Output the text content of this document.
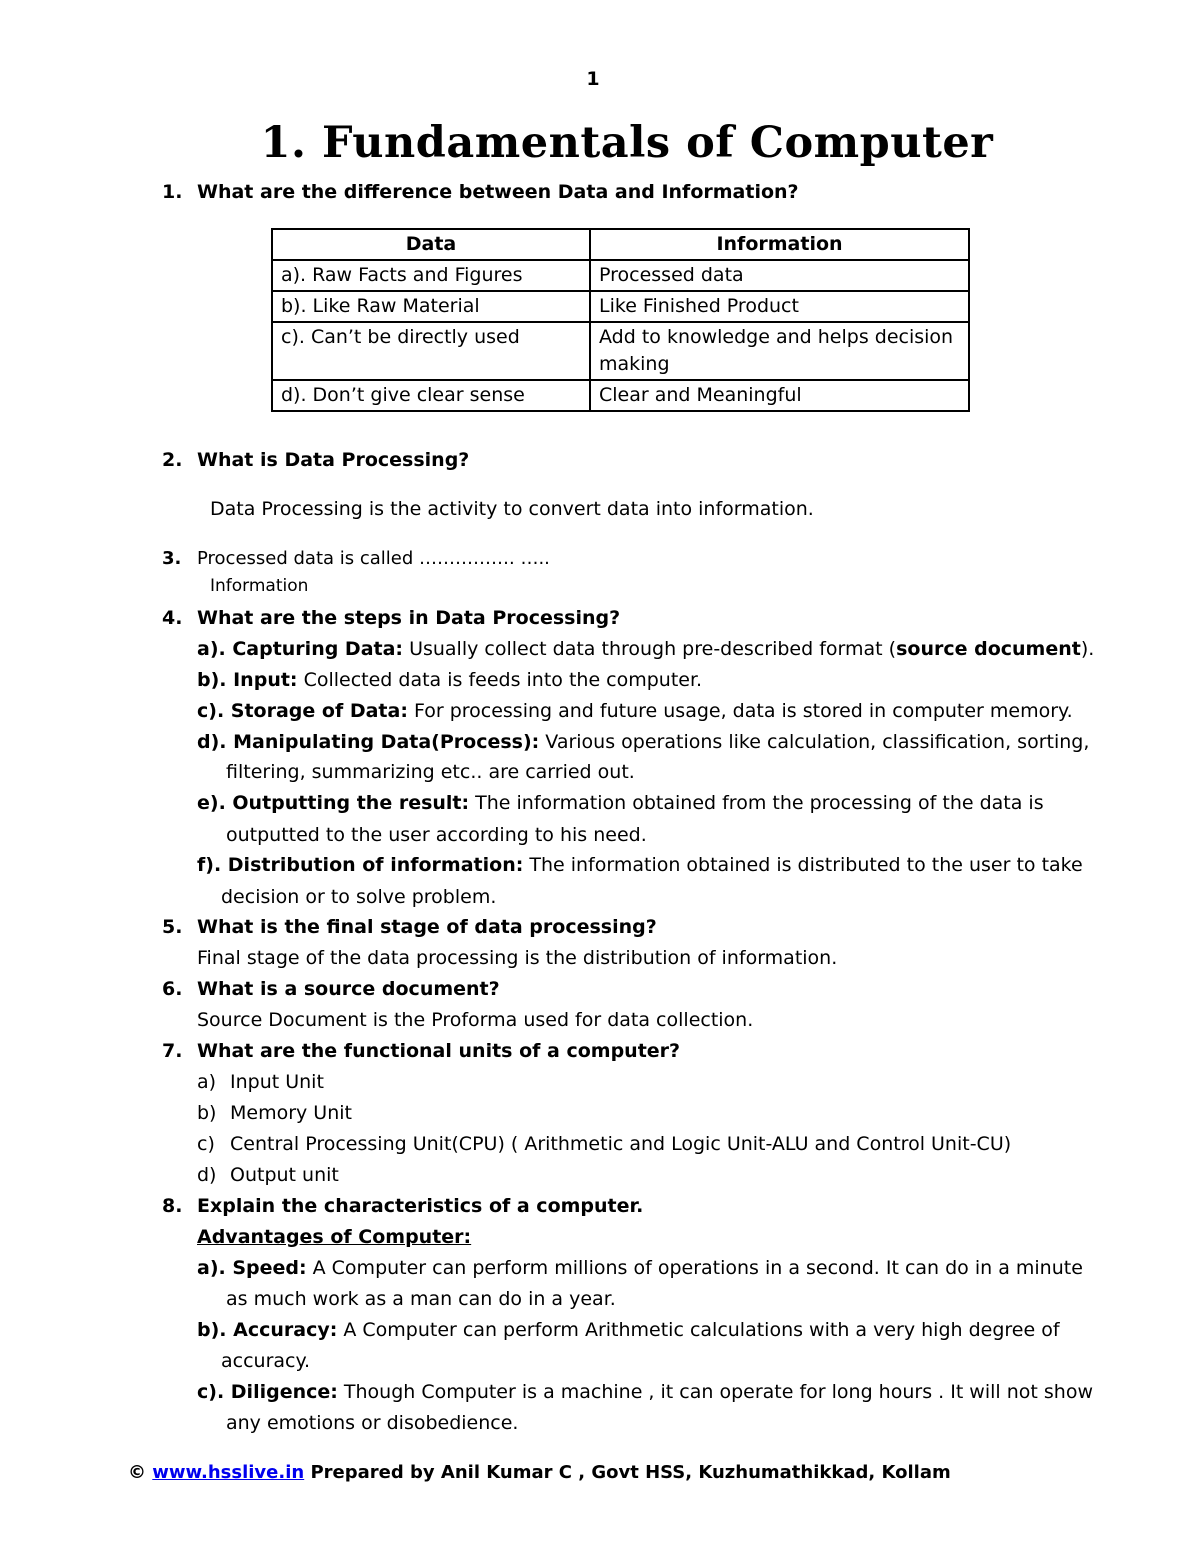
1
1. Fundamentals of Computer
1. What are the difference between Data and Information?
Data	Information
a). Raw Facts and Figures	Processed data
b). Like Raw Material	Like Finished Product
c). Can’t be directly used	Add to knowledge and helps decision making
d). Don’t give clear sense	Clear and Meaningful
2. What is Data Processing?
Data Processing is the activity to convert data into information.
3. Processed data is called ……………. …..
Information
4. What are the steps in Data Processing?
a). Capturing Data: Usually collect data through pre-described format (source document).
b). Input: Collected data is feeds into the computer.
c). Storage of Data: For processing and future usage, data is stored in computer memory.
d). Manipulating Data(Process): Various operations like calculation, classification, sorting,
filtering, summarizing etc.. are carried out.
e). Outputting the result: The information obtained from the processing of the data is
outputted to the user according to his need.
f). Distribution of information: The information obtained is distributed to the user to take
decision or to solve problem.
5. What is the final stage of data processing?
Final stage of the data processing is the distribution of information.
6. What is a source document?
Source Document is the Proforma used for data collection.
7. What are the functional units of a computer?
a) Input Unit
b) Memory Unit
c) Central Processing Unit(CPU) ( Arithmetic and Logic Unit-ALU and Control Unit-CU)
d) Output unit
8. Explain the characteristics of a computer.
Advantages of Computer:
a). Speed: A Computer can perform millions of operations in a second. It can do in a minute
as much work as a man can do in a year.
b). Accuracy: A Computer can perform Arithmetic calculations with a very high degree of
accuracy.
c). Diligence: Though Computer is a machine , it can operate for long hours . It will not show
any emotions or disobedience.
© www.hsslive.in Prepared by Anil Kumar C , Govt HSS, Kuzhumathikkad, Kollam
